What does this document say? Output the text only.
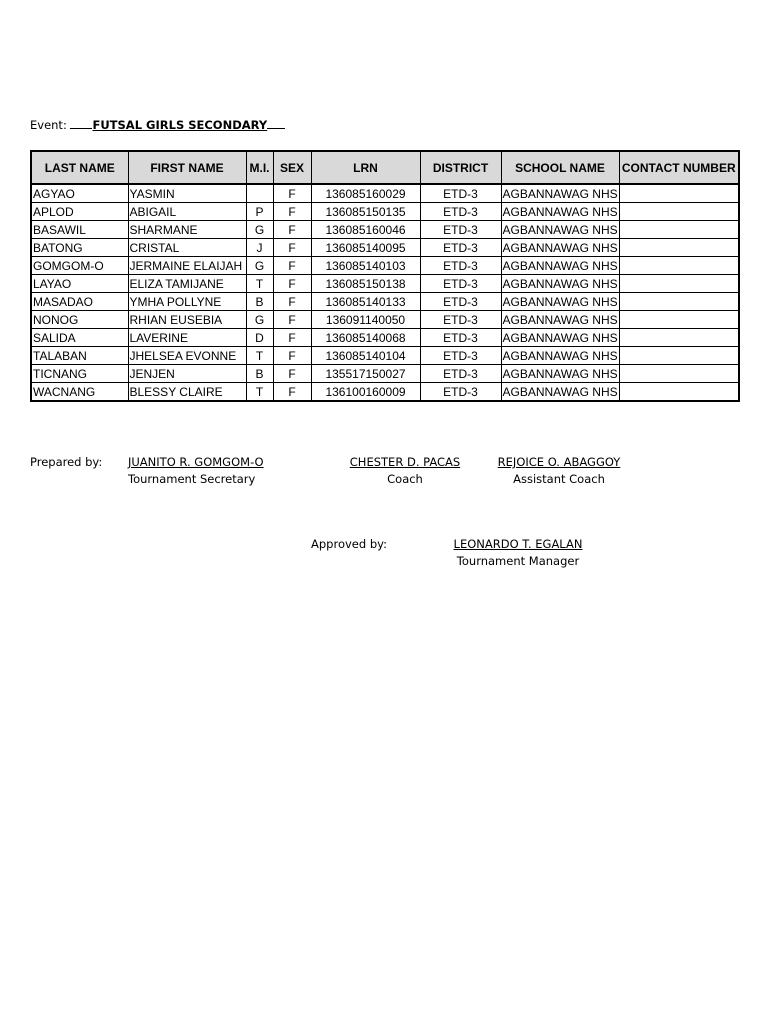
Event: FUTSAL GIRLS SECONDARY
LAST NAME	FIRST NAME	M.I.	SEX	LRN	DISTRICT	SCHOOL NAME	CONTACT NUMBER
AGYAO	YASMIN		F	136085160029	ETD-3	AGBANNAWAG NHS	
APLOD	ABIGAIL	P	F	136085150135	ETD-3	AGBANNAWAG NHS	
BASAWIL	SHARMANE	G	F	136085160046	ETD-3	AGBANNAWAG NHS	
BATONG	CRISTAL	J	F	136085140095	ETD-3	AGBANNAWAG NHS	
GOMGOM-O	JERMAINE ELAIJAH	G	F	136085140103	ETD-3	AGBANNAWAG NHS	
LAYAO	ELIZA TAMIJANE	T	F	136085150138	ETD-3	AGBANNAWAG NHS	
MASADAO	YMHA POLLYNE	B	F	136085140133	ETD-3	AGBANNAWAG NHS	
NONOG	RHIAN EUSEBIA	G	F	136091140050	ETD-3	AGBANNAWAG NHS	
SALIDA	LAVERINE	D	F	136085140068	ETD-3	AGBANNAWAG NHS	
TALABAN	JHELSEA EVONNE	T	F	136085140104	ETD-3	AGBANNAWAG NHS	
TICNANG	JENJEN	B	F	135517150027	ETD-3	AGBANNAWAG NHS	
WACNANG	BLESSY CLAIRE	T	F	136100160009	ETD-3	AGBANNAWAG NHS	
Prepared by: JUANITO R. GOMGOM-O
Tournament Secretary
CHESTER D. PACAS
Coach
REJOICE O. ABAGGOY
Assistant Coach
Approved by:	LEONARDO T. EGALAN
Tournament Manager
